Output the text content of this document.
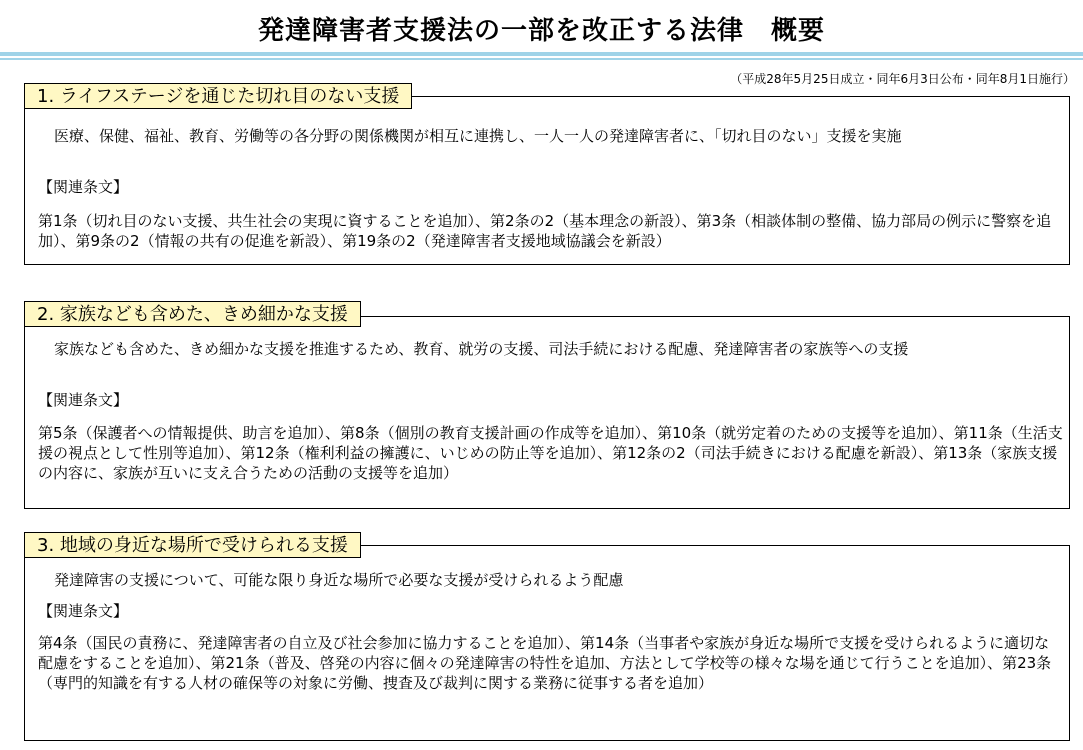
発達障害者支援法の一部を改正する法律　概要
（平成28年5月25日成立・同年6月3日公布・同年8月1日施行）
1. ライフステージを通じた切れ目のない支援
医療、保健、福祉、教育、労働等の各分野の関係機関が相互に連携し、一人一人の発達障害者に、「切れ目のない」支援を実施
【関連条文】
第1条（切れ目のない支援、共生社会の実現に資することを追加）、第2条の2（基本理念の新設）、第3条（相談体制の整備、協力部局の例示に警察を追加）、第9条の2（情報の共有の促進を新設）、第19条の2（発達障害者支援地域協議会を新設）
2. 家族なども含めた、きめ細かな支援
家族なども含めた、きめ細かな支援を推進するため、教育、就労の支援、司法手続における配慮、発達障害者の家族等への支援
【関連条文】
第5条（保護者への情報提供、助言を追加）、第8条（個別の教育支援計画の作成等を追加）、第10条（就労定着のための支援等を追加）、第11条（生活支援の視点として性別等追加）、第12条（権利利益の擁護に、いじめの防止等を追加）、第12条の2（司法手続きにおける配慮を新設）、第13条（家族支援の内容に、家族が互いに支え合うための活動の支援等を追加）
3. 地域の身近な場所で受けられる支援
発達障害の支援について、可能な限り身近な場所で必要な支援が受けられるよう配慮
【関連条文】
第4条（国民の責務に、発達障害者の自立及び社会参加に協力することを追加）、第14条（当事者や家族が身近な場所で支援を受けられるように適切な配慮をすることを追加）、第21条（普及、啓発の内容に個々の発達障害の特性を追加、方法として学校等の様々な場を通じて行うことを追加）、第23条（専門的知識を有する人材の確保等の対象に労働、捜査及び裁判に関する業務に従事する者を追加）
